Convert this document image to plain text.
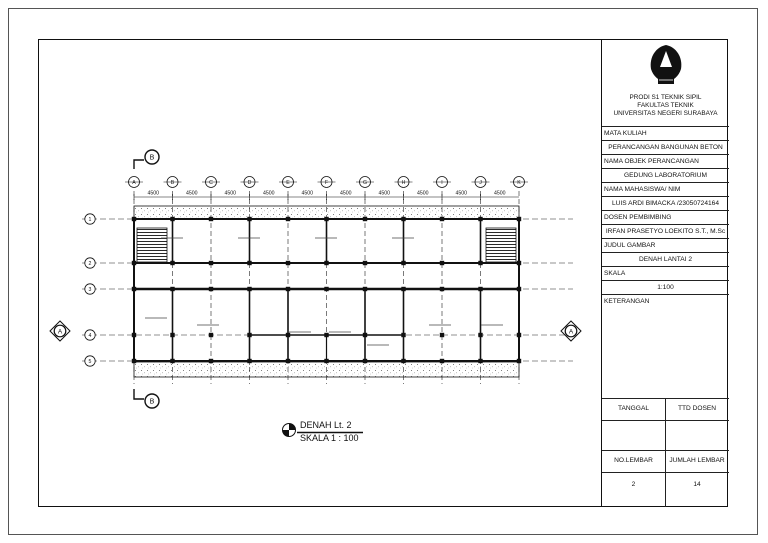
A	B	C	D	E	F	G	H	I	J	K
4500	4500	4500	4500	4500	4500	4500	4500	4500	4500
1
2
3
4
5
B
B
A	A
PRODI S1 TEKNIK SIPIL
FAKULTAS TEKNIK
UNIVERSITAS NEGERI SURABAYA
MATA KULIAH
PERANCANGAN BANGUNAN BETON
NAMA OBJEK PERANCANGAN
GEDUNG LABORATORIUM
NAMA MAHASISWA/ NIM
LUIS ARDI BIMACKA /23050724164
DOSEN PEMBIMBING
IRFAN PRASETYO LOEKITO S.T., M.Sc
JUDUL GAMBAR
DENAH LANTAI 2
SKALA
1:100
KETERANGAN
TANGGAL	TTD DOSEN
NO.LEMBAR	JUMLAH LEMBAR
2	14
DENAH Lt. 2
SKALA 1 : 100
